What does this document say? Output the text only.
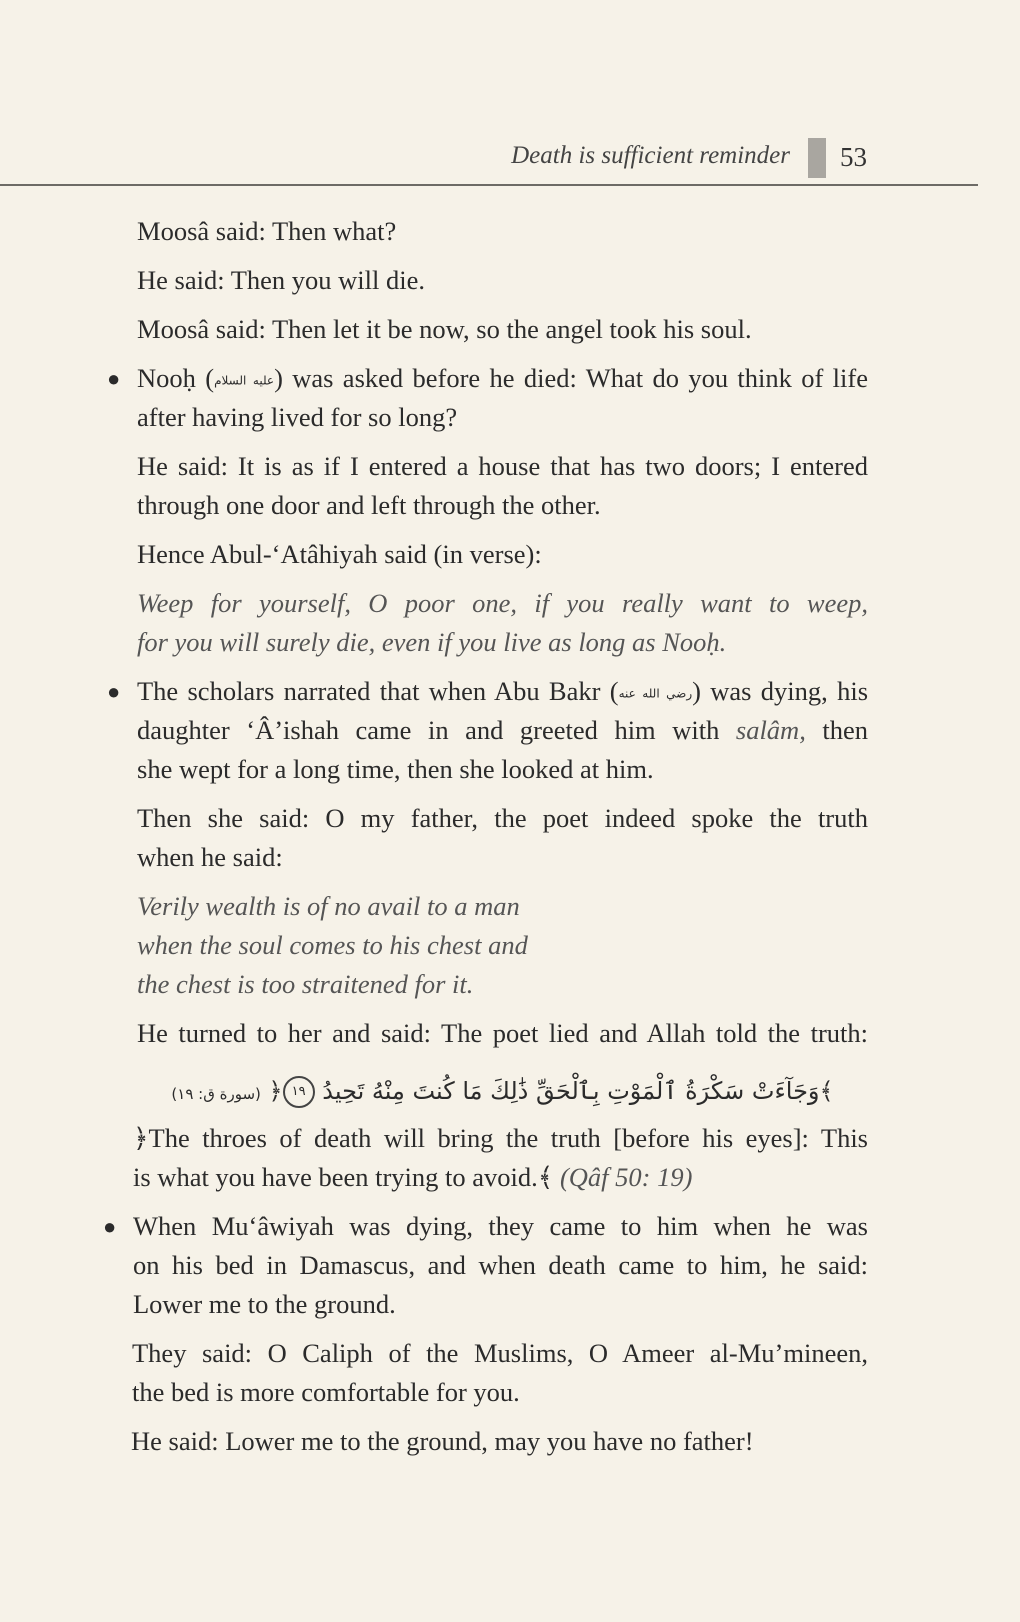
Death is sufficient reminder 53
Moosâ said: Then what?
He said: Then you will die.
Moosâ said: Then let it be now, so the angel took his soul.
● Nooḥ (عليه السلام) was asked before he died: What do you think of life
after having lived for so long?
He said: It is as if I entered a house that has two doors; I entered
through one door and left through the other.
Hence Abul-‘Atâhiyah said (in verse):
Weep for yourself, O poor one, if you really want to weep,
for you will surely die, even if you live as long as Nooḥ.
● The scholars narrated that when Abu Bakr (رضي الله عنه) was dying, his
daughter ‘Â’ishah came in and greeted him with salâm, then
she wept for a long time, then she looked at him.
Then she said: O my father, the poet indeed spoke the truth
when he said:
Verily wealth is of no avail to a man
when the soul comes to his chest and
the chest is too straitened for it.
He turned to her and said: The poet lied and Allah told the truth:
﴾وَجَآءَتْ سَكْرَةُ ٱلْمَوْتِ بِٱلْحَقِّ ذَٰلِكَ مَا كُنتَ مِنْهُ تَحِيدُ ١٩﴿ (سورة ق: ١٩)
﴿The throes of death will bring the truth [before his eyes]: This
is what you have been trying to avoid.﴾ (Qâf 50: 19)
● When Mu‘âwiyah was dying, they came to him when he was
on his bed in Damascus, and when death came to him, he said:
Lower me to the ground.
They said: O Caliph of the Muslims, O Ameer al-Mu’mineen,
the bed is more comfortable for you.
He said: Lower me to the ground, may you have no father!
